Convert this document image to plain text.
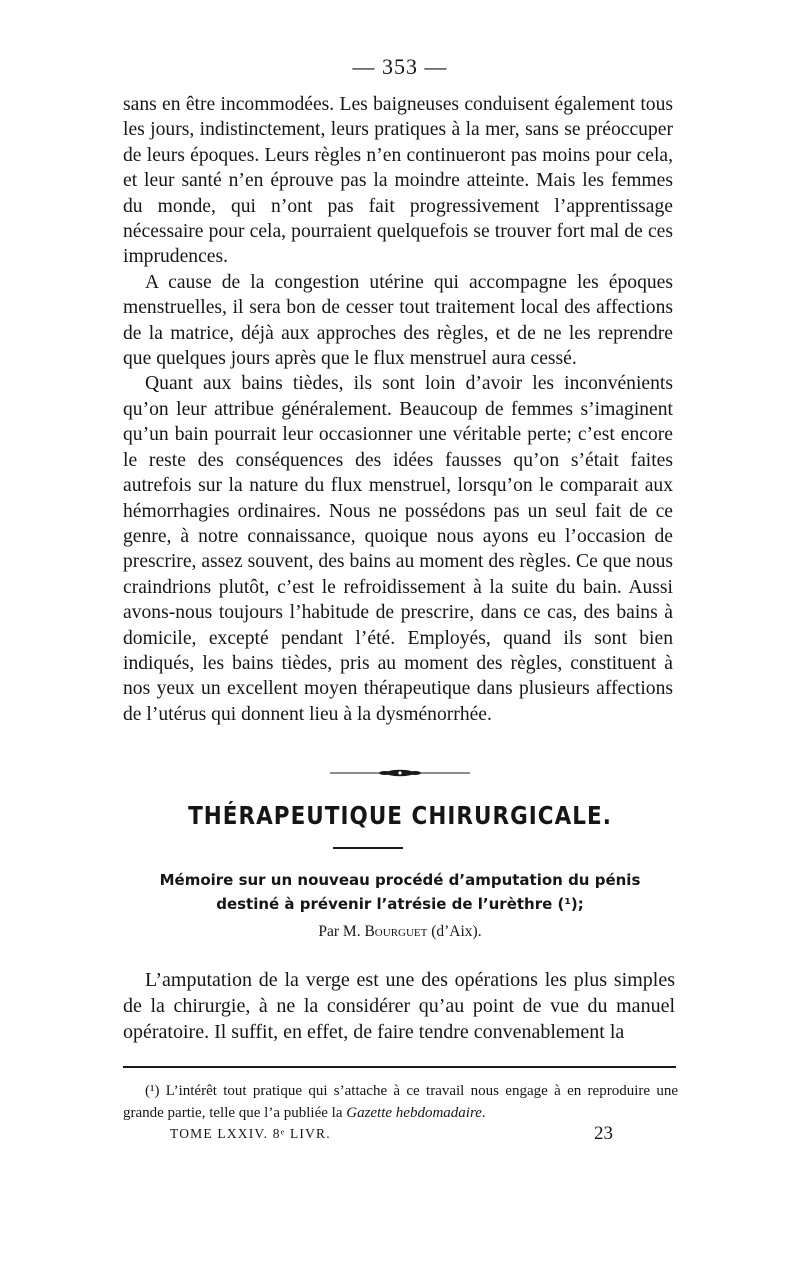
— 353 —

sans en être incommodées. Les baigneuses conduisent également tous les jours, indistinctement, leurs pratiques à la mer, sans se préoccuper de leurs époques. Leurs règles n’en continueront pas moins pour cela, et leur santé n’en éprouve pas la moindre atteinte. Mais les femmes du monde, qui n’ont pas fait progressivement l’apprentissage nécessaire pour cela, pourraient quelquefois se trouver fort mal de ces imprudences.

A cause de la congestion utérine qui accompagne les époques menstruelles, il sera bon de cesser tout traitement local des affections de la matrice, déjà aux approches des règles, et de ne les reprendre que quelques jours après que le flux menstruel aura cessé.

Quant aux bains tièdes, ils sont loin d’avoir les inconvénients qu’on leur attribue généralement. Beaucoup de femmes s’imaginent qu’un bain pourrait leur occasionner une véritable perte; c’est encore le reste des conséquences des idées fausses qu’on s’était faites autrefois sur la nature du flux menstruel, lorsqu’on le comparait aux hémorrhagies ordinaires. Nous ne possédons pas un seul fait de ce genre, à notre connaissance, quoique nous ayons eu l’occasion de prescrire, assez souvent, des bains au moment des règles. Ce que nous craindrions plutôt, c’est le refroidissement à la suite du bain. Aussi avons-nous toujours l’habitude de prescrire, dans ce cas, des bains à domicile, excepté pendant l’été. Employés, quand ils sont bien indiqués, les bains tièdes, pris au moment des règles, constituent à nos yeux un excellent moyen thérapeutique dans plusieurs affections de l’utérus qui donnent lieu à la dysménorrhée.

THÉRAPEUTIQUE CHIRURGICALE.
Mémoire sur un nouveau procédé d’amputation du pénis
destiné à prévenir l’atrésie de l’urèthre (¹);
Par M. Bourguet (d’Aix).

L’amputation de la verge est une des opérations les plus simples de la chirurgie, à ne la considérer qu’au point de vue du manuel opératoire. Il suffit, en effet, de faire tendre convenablement la

(¹) L’intérêt tout pratique qui s’attache à ce travail nous engage à en reproduire une grande partie, telle que l’a publiée la Gazette hebdomadaire.

TOME LXXIV. 8ᵉ LIVR.	23
